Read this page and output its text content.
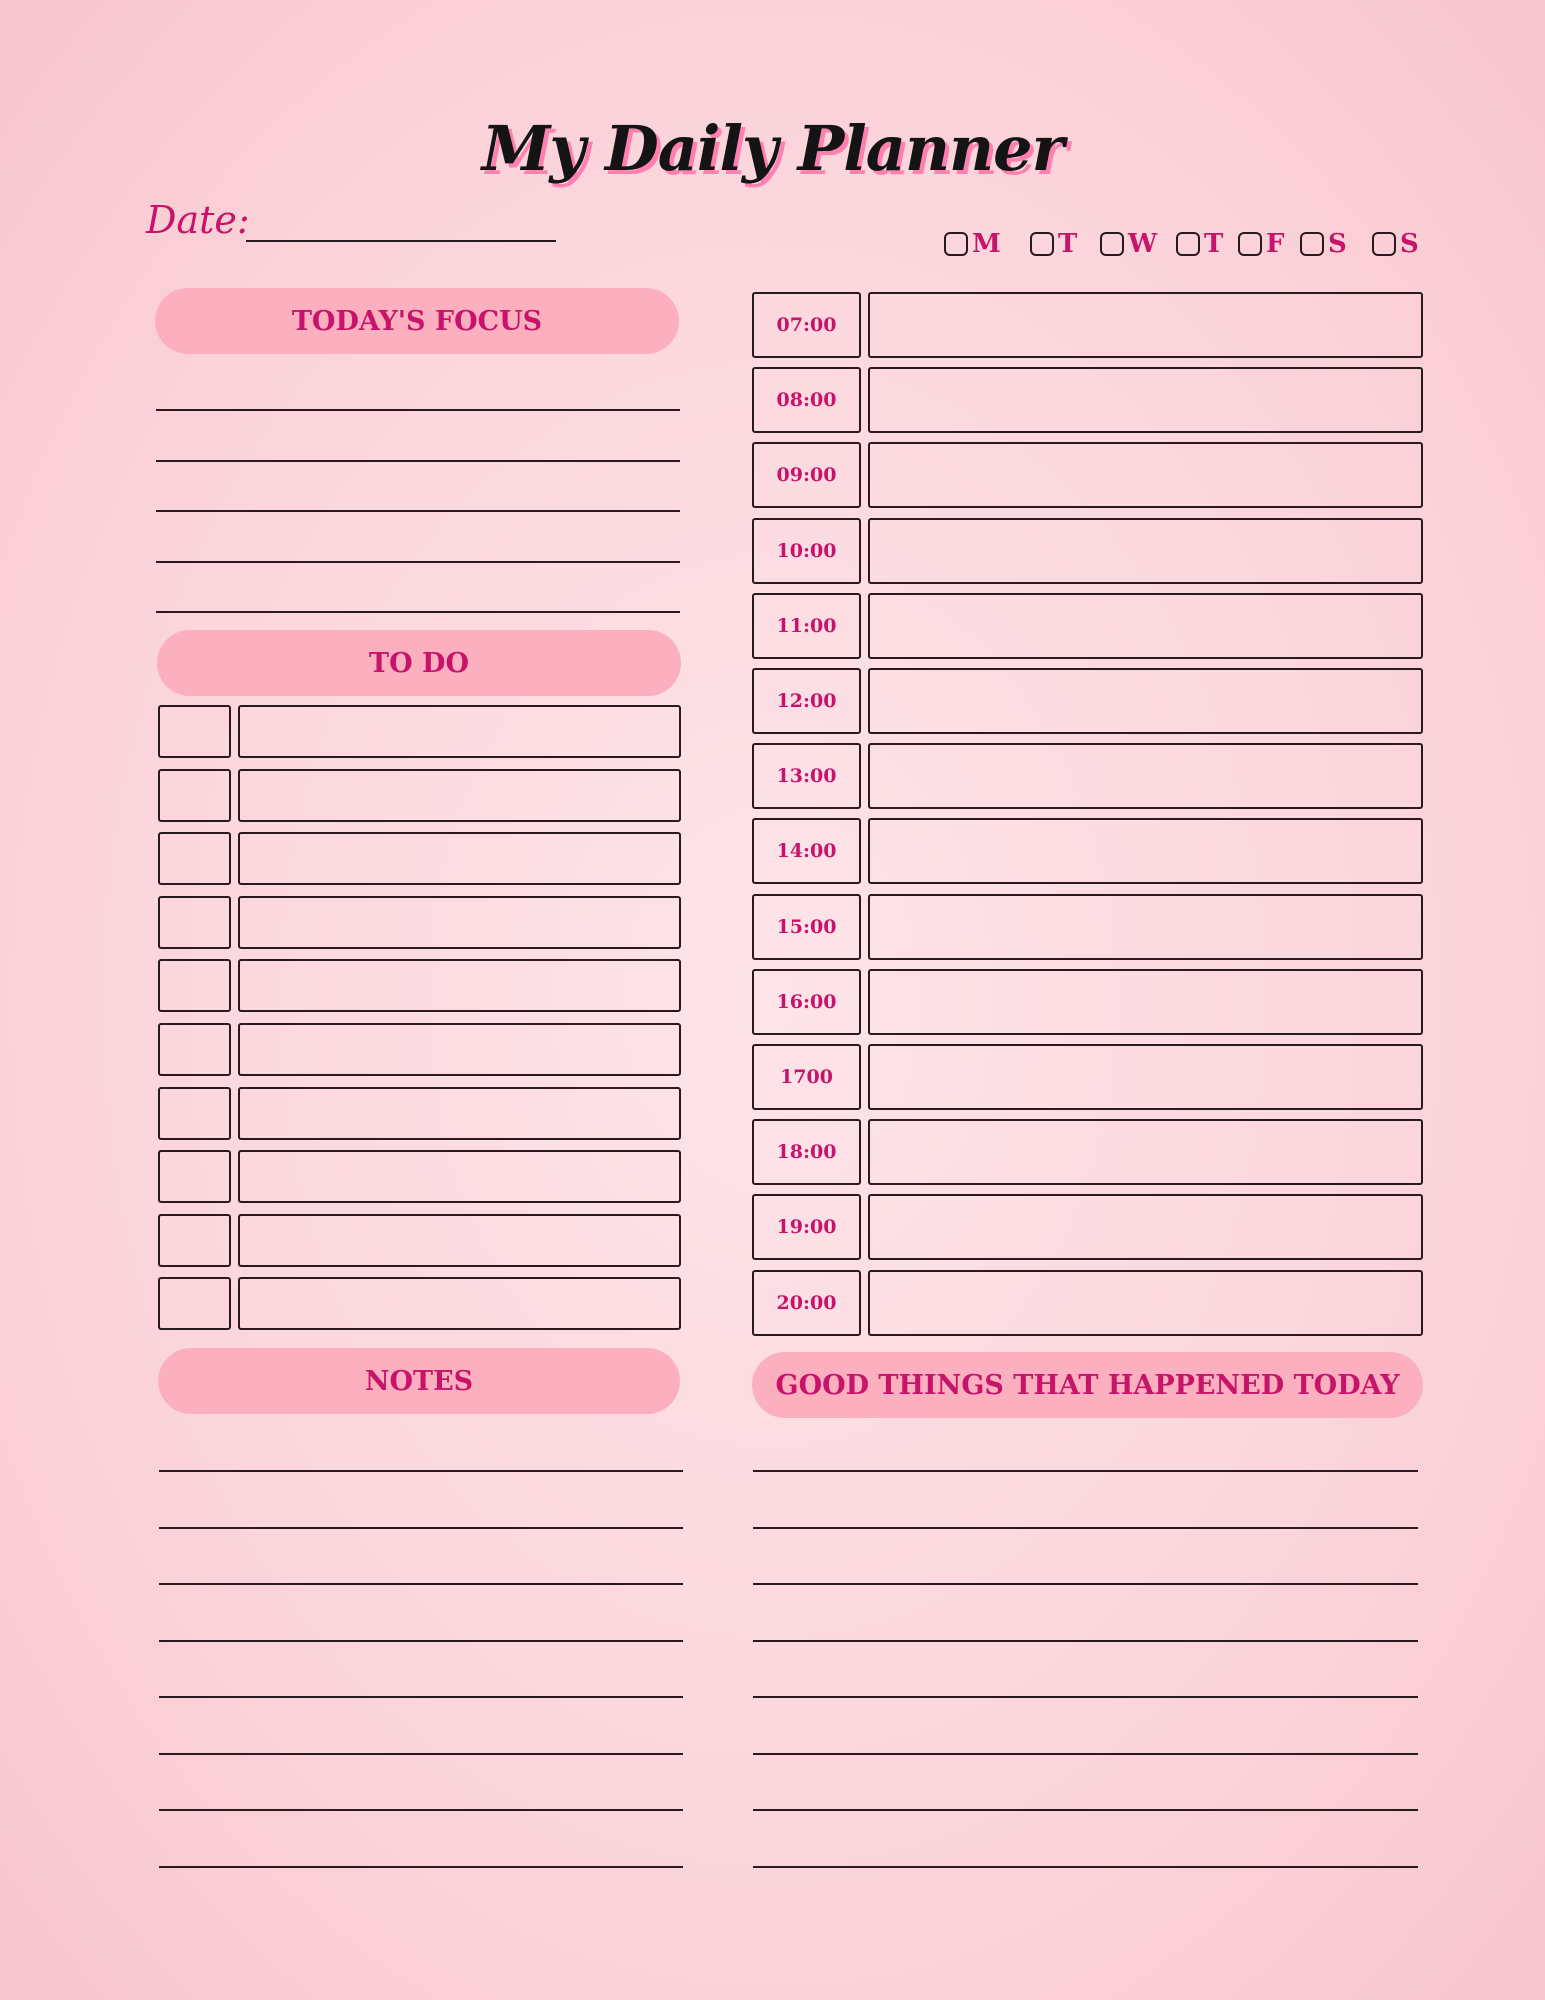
My Daily Planner
Date:
M T W T F S S
TODAY'S FOCUS
TO DO
NOTES
07:00
08:00
09:00
10:00
11:00
12:00
13:00
14:00
15:00
16:00
1700
18:00
19:00
20:00
GOOD THINGS THAT HAPPENED TODAY
